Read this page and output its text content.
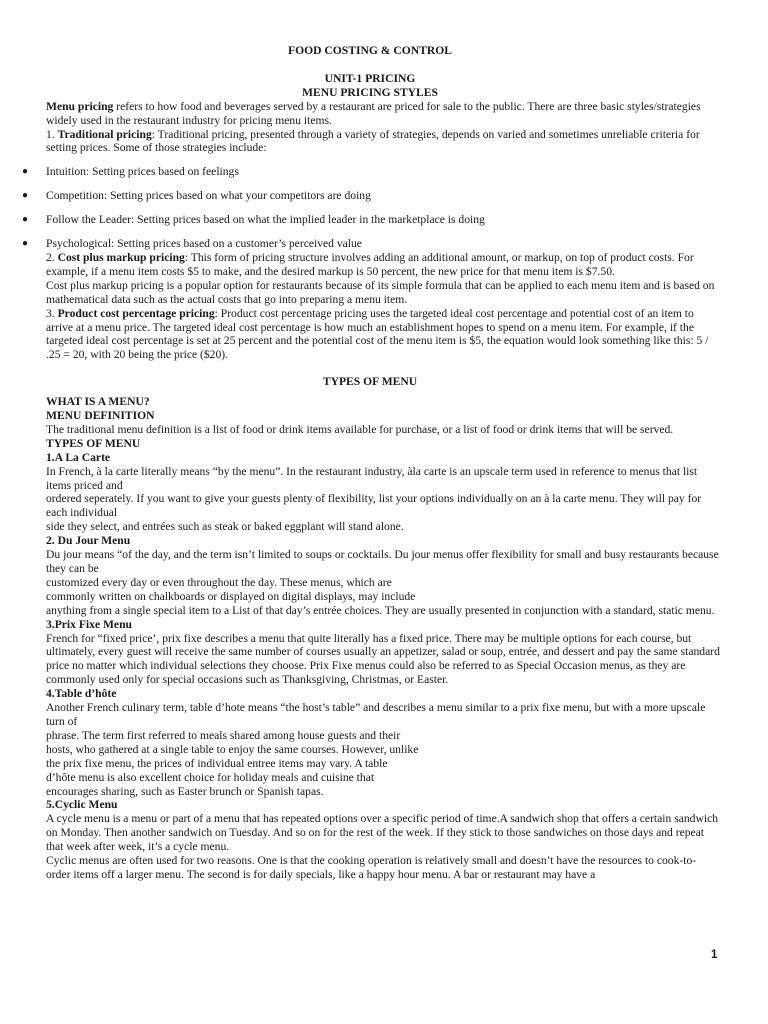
FOOD COSTING & CONTROL

UNIT-1 PRICING

MENU PRICING STYLES

Menu pricing refers to how food and beverages served by a restaurant are priced for sale to the public. There are three basic styles/strategies widely used in the restaurant industry for pricing menu items.

1. Traditional pricing: Traditional pricing, presented through a variety of strategies, depends on varied and sometimes unreliable criteria for setting prices. Some of those strategies include:

● Intuition: Setting prices based on feelings

● Competition: Setting prices based on what your competitors are doing

● Follow the Leader: Setting prices based on what the implied leader in the marketplace is doing

● Psychological: Setting prices based on a customer’s perceived value

2. Cost plus markup pricing: This form of pricing structure involves adding an additional amount, or markup, on top of product costs. For example, if a menu item costs $5 to make, and the desired markup is 50 percent, the new price for that menu item is $7.50.

Cost plus markup pricing is a popular option for restaurants because of its simple formula that can be applied to each menu item and is based on mathematical data such as the actual costs that go into preparing a menu item.

3. Product cost percentage pricing: Product cost percentage pricing uses the targeted ideal cost percentage and potential cost of an item to arrive at a menu price. The targeted ideal cost percentage is how much an establishment hopes to spend on a menu item. For example, if the targeted ideal cost percentage is set at 25 percent and the potential cost of the menu item is $5, the equation would look something like this: 5 / .25 = 20, with 20 being the price ($20).

TYPES OF MENU

WHAT IS A MENU?

MENU DEFINITION

The traditional menu definition is a list of food or drink items available for purchase, or a list of food or drink items that will be served.

TYPES OF MENU

1.A La Carte

In French, à la carte literally means “by the menu”. In the restaurant industry, àla carte is an upscale term used in reference to menus that list items priced and

ordered seperately. If you want to give your guests plenty of flexibility, list your options individually on an à la carte menu. They will pay for each individual

side they select, and entrées such as steak or baked eggplant will stand alone.

2. Du Jour Menu

Du jour means “of the day, and the term isn’t limited to soups or cocktails. Du jour menus offer flexibility for small and busy restaurants because they can be

customized every day or even throughout the day. These menus, which are

commonly written on chalkboards or displayed on digital displays, may include

anything from a single special item to a List of that day’s entrée choices. They are usually presented in conjunction with a standard, static menu.

3.Prix Fixe Menu

French for “fixed price’, prix fixe describes a menu that quite literally has a fixed price. There may be multiple options for each course, but ultimately, every guest will receive the same number of courses usually an appetizer, salad or soup, entrée, and dessert and pay the same standard price no matter which individual selections they choose. Prix Fixe menus could also be referred to as Special Occasion menus, as they are commonly used only for special occasions such as Thanksgiving, Christmas, or Easter.

4.Table d’hôte

Another French culinary term, table d’hote means “the host’s table” and describes a menu similar to a prix fixe menu, but with a more upscale turn of

phrase. The term first referred to meals shared among house guests and their

hosts, who gathered at a single table to enjoy the same courses. However, unlike

the prix fixe menu, the prices of individual entree items may vary. A table

d’hôte menu is also excellent choice for holiday meals and cuisine that

encourages sharing, such as Easter brunch or Spanish tapas.

5.Cyclic Menu

A cycle menu is a menu or part of a menu that has repeated options over a specific period of time.A sandwich shop that offers a certain sandwich on Monday. Then another sandwich on Tuesday. And so on for the rest of the week. If they stick to those sandwiches on those days and repeat that week after week, it’s a cycle menu.

Cyclic menus are often used for two reasons. One is that the cooking operation is relatively small and doesn’t have the resources to cook-to-order items off a larger menu. The second is for daily specials, like a happy hour menu. A bar or restaurant may have a

1
